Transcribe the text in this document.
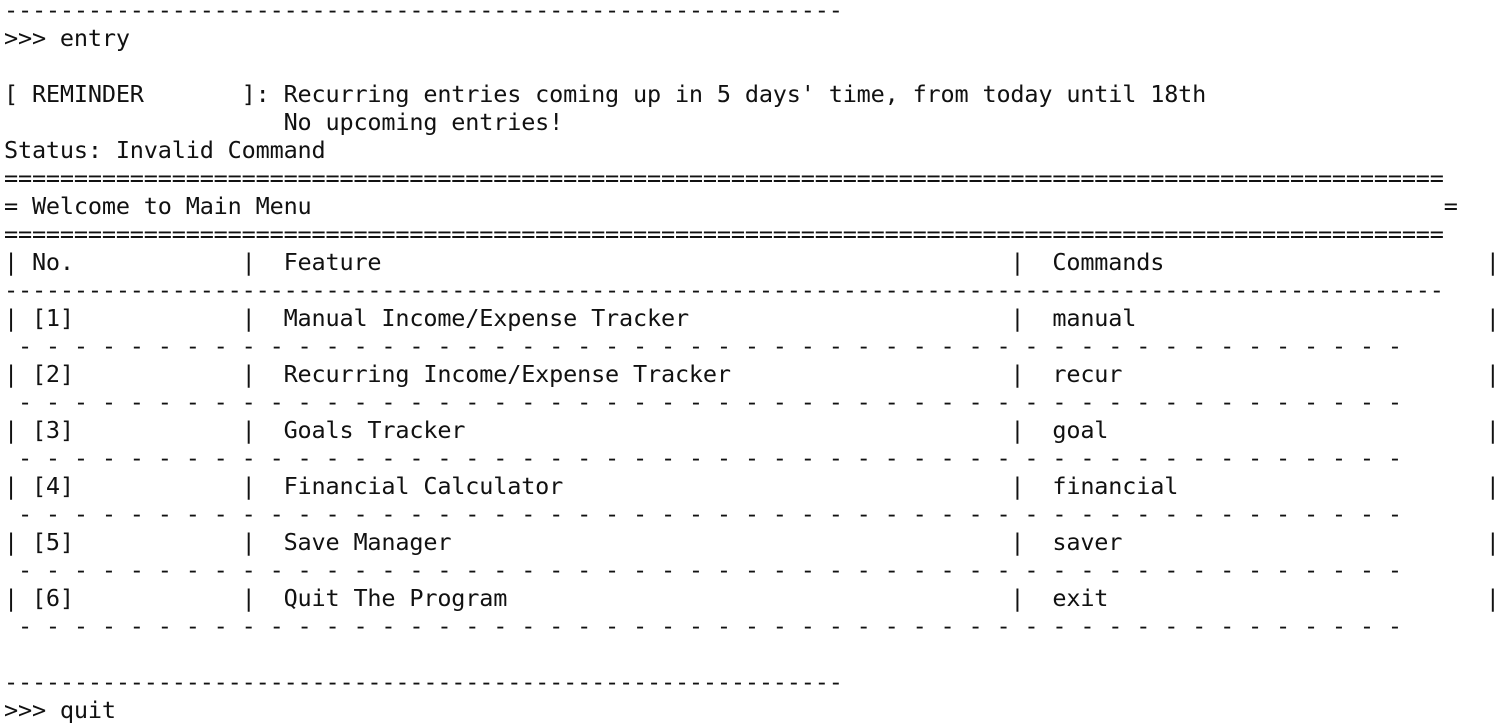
------------------------------------------------------------
>>> entry
[ REMINDER       ]: Recurring entries coming up in 5 days' time, from today until 18th
No upcoming entries!
Status: Invalid Command
=======================================================================================================
= Welcome to Main Menu                                                                                 =
=======================================================================================================
| No.            |  Feature                                             |  Commands                       |
-------------------------------------------------------------------------------------------------------
| [1]            |  Manual Income/Expense Tracker                       |  manual                         |
- - - - - - - - - - - - - - - - - - - - - - - - - - - - - - - - - - - - - - - - - - - - - - - - - -
| [2]            |  Recurring Income/Expense Tracker                    |  recur                          |
- - - - - - - - - - - - - - - - - - - - - - - - - - - - - - - - - - - - - - - - - - - - - - - - - -
| [3]            |  Goals Tracker                                       |  goal                           |
- - - - - - - - - - - - - - - - - - - - - - - - - - - - - - - - - - - - - - - - - - - - - - - - - -
| [4]            |  Financial Calculator                                |  financial                      |
- - - - - - - - - - - - - - - - - - - - - - - - - - - - - - - - - - - - - - - - - - - - - - - - - -
| [5]            |  Save Manager                                        |  saver                          |
- - - - - - - - - - - - - - - - - - - - - - - - - - - - - - - - - - - - - - - - - - - - - - - - - -
| [6]            |  Quit The Program                                    |  exit                           |
- - - - - - - - - - - - - - - - - - - - - - - - - - - - - - - - - - - - - - - - - - - - - - - - - -
------------------------------------------------------------
>>> quit
